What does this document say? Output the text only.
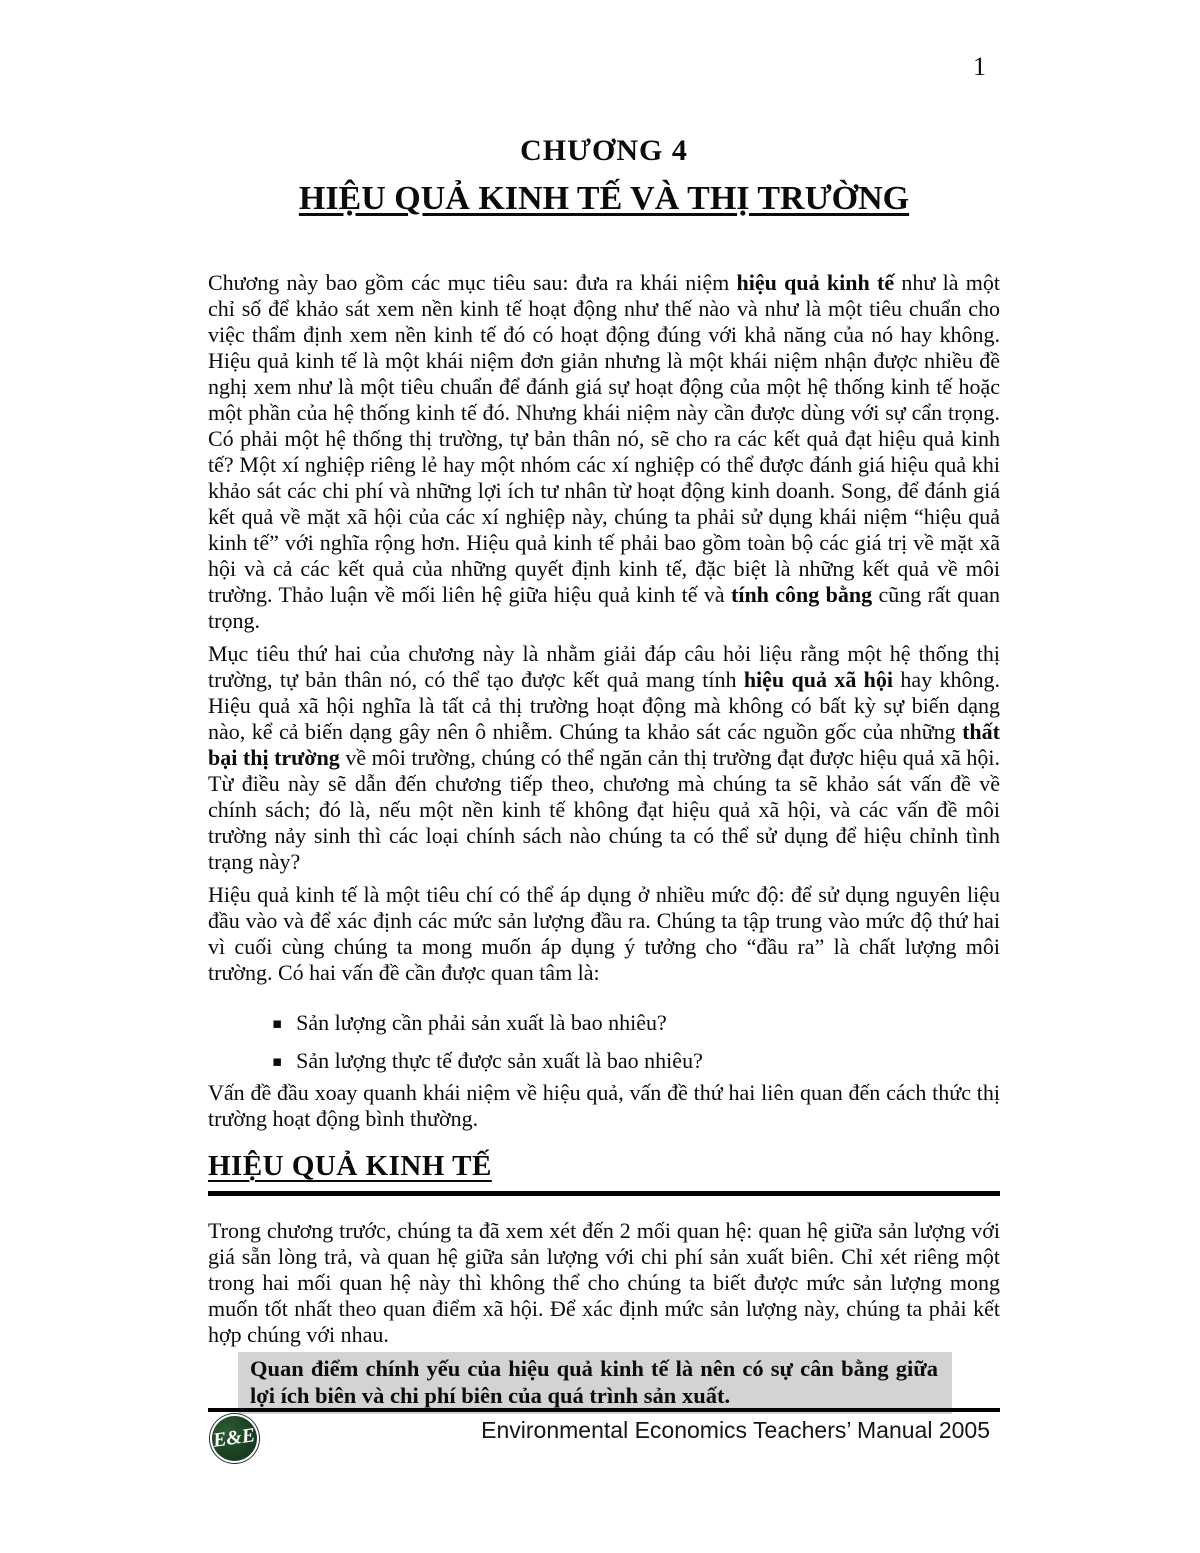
1
CHƯƠNG 4
HIỆU QUẢ KINH TẾ VÀ THỊ TRƯỜNG

Chương này bao gồm các mục tiêu sau: đưa ra khái niệm hiệu quả kinh tế như là một chỉ số để khảo sát xem nền kinh tế hoạt động như thế nào và như là một tiêu chuẩn cho việc thẩm định xem nền kinh tế đó có hoạt động đúng với khả năng của nó hay không. Hiệu quả kinh tế là một khái niệm đơn giản nhưng là một khái niệm nhận được nhiều đề nghị xem như là một tiêu chuẩn để đánh giá sự hoạt động của một hệ thống kinh tế hoặc một phần của hệ thống kinh tế đó. Nhưng khái niệm này cần được dùng với sự cẩn trọng. Có phải một hệ thống thị trường, tự bản thân nó, sẽ cho ra các kết quả đạt hiệu quả kinh tế? Một xí nghiệp riêng lẻ hay một nhóm các xí nghiệp có thể được đánh giá hiệu quả khi khảo sát các chi phí và những lợi ích tư nhân từ hoạt động kinh doanh. Song, để đánh giá kết quả về mặt xã hội của các xí nghiệp này, chúng ta phải sử dụng khái niệm “hiệu quả kinh tế” với nghĩa rộng hơn. Hiệu quả kinh tế phải bao gồm toàn bộ các giá trị về mặt xã hội và cả các kết quả của những quyết định kinh tế, đặc biệt là những kết quả về môi trường. Thảo luận về mối liên hệ giữa hiệu quả kinh tế và tính công bằng cũng rất quan trọng.

Mục tiêu thứ hai của chương này là nhằm giải đáp câu hỏi liệu rằng một hệ thống thị trường, tự bản thân nó, có thể tạo được kết quả mang tính hiệu quả xã hội hay không. Hiệu quả xã hội nghĩa là tất cả thị trường hoạt động mà không có bất kỳ sự biến dạng nào, kể cả biến dạng gây nên ô nhiễm. Chúng ta khảo sát các nguồn gốc của những thất bại thị trường về môi trường, chúng có thể ngăn cản thị trường đạt được hiệu quả xã hội. Từ điều này sẽ dẫn đến chương tiếp theo, chương mà chúng ta sẽ khảo sát vấn đề về chính sách; đó là, nếu một nền kinh tế không đạt hiệu quả xã hội, và các vấn đề môi trường nảy sinh thì các loại chính sách nào chúng ta có thể sử dụng để hiệu chỉnh tình trạng này?

Hiệu quả kinh tế là một tiêu chí có thể áp dụng ở nhiều mức độ: để sử dụng nguyên liệu đầu vào và để xác định các mức sản lượng đầu ra. Chúng ta tập trung vào mức độ thứ hai vì cuối cùng chúng ta mong muốn áp dụng ý tưởng cho “đầu ra” là chất lượng môi trường. Có hai vấn đề cần được quan tâm là:

▪ Sản lượng cần phải sản xuất là bao nhiêu?
▪ Sản lượng thực tế được sản xuất là bao nhiêu?

Vấn đề đầu xoay quanh khái niệm về hiệu quả, vấn đề thứ hai liên quan đến cách thức thị trường hoạt động bình thường.

HIỆU QUẢ KINH TẾ

Trong chương trước, chúng ta đã xem xét đến 2 mối quan hệ: quan hệ giữa sản lượng với giá sẵn lòng trả, và quan hệ giữa sản lượng với chi phí sản xuất biên. Chỉ xét riêng một trong hai mối quan hệ này thì không thể cho chúng ta biết được mức sản lượng mong muốn tốt nhất theo quan điểm xã hội. Để xác định mức sản lượng này, chúng ta phải kết hợp chúng với nhau.

Quan điểm chính yếu của hiệu quả kinh tế là nên có sự cân bằng giữa lợi ích biên và chi phí biên của quá trình sản xuất.
E&E	Environmental Economics Teachers’ Manual 2005
